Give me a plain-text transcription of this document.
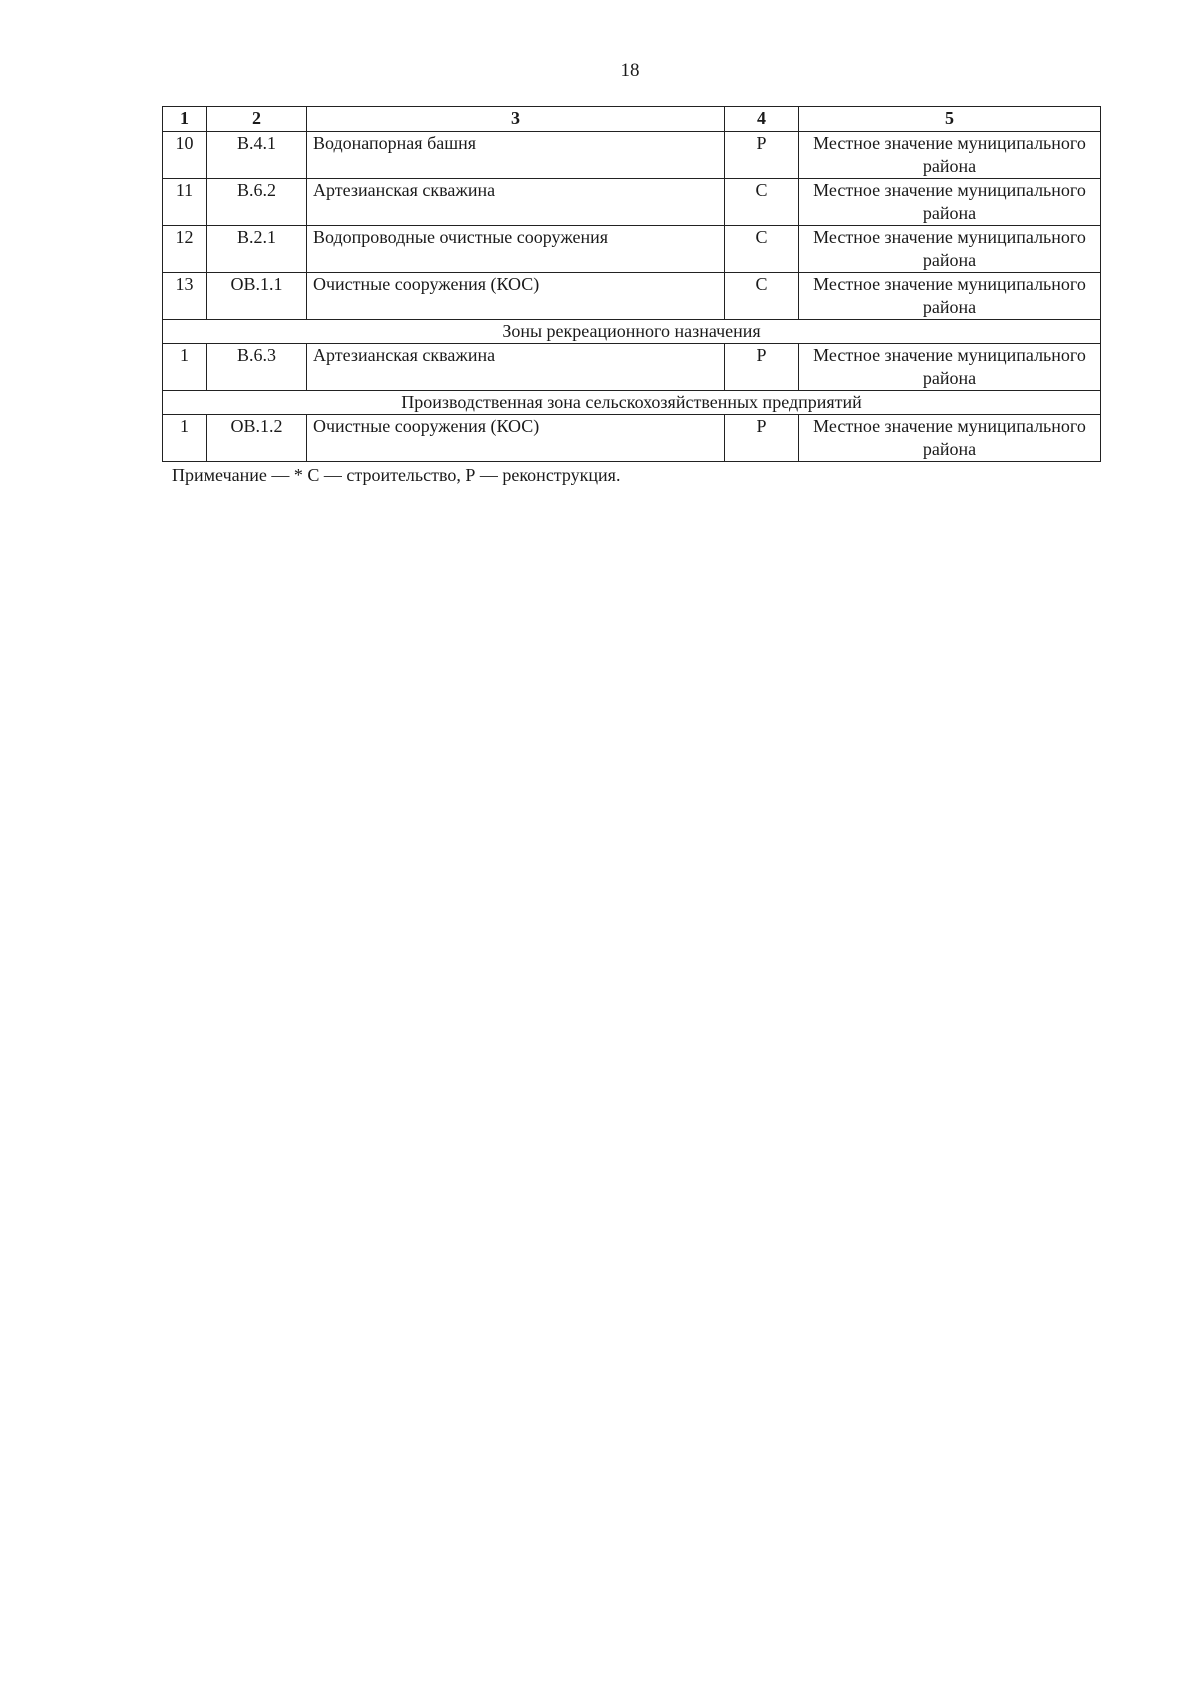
18
1	2	3	4	5
10	В.4.1	Водонапорная башня	Р	Местное значение муниципального района
11	В.6.2	Артезианская скважина	С	Местное значение муниципального района
12	В.2.1	Водопроводные очистные сооружения	С	Местное значение муниципального района
13	ОВ.1.1	Очистные сооружения (КОС)	С	Местное значение муниципального района
Зоны рекреационного назначения				
1	В.6.3	Артезианская скважина	Р	Местное значение муниципального района
Производственная зона сельскохозяйственных предприятий				
1	ОВ.1.2	Очистные сооружения (КОС)	Р	Местное значение муниципального района
Примечание — * С — строительство, Р — реконструкция.
